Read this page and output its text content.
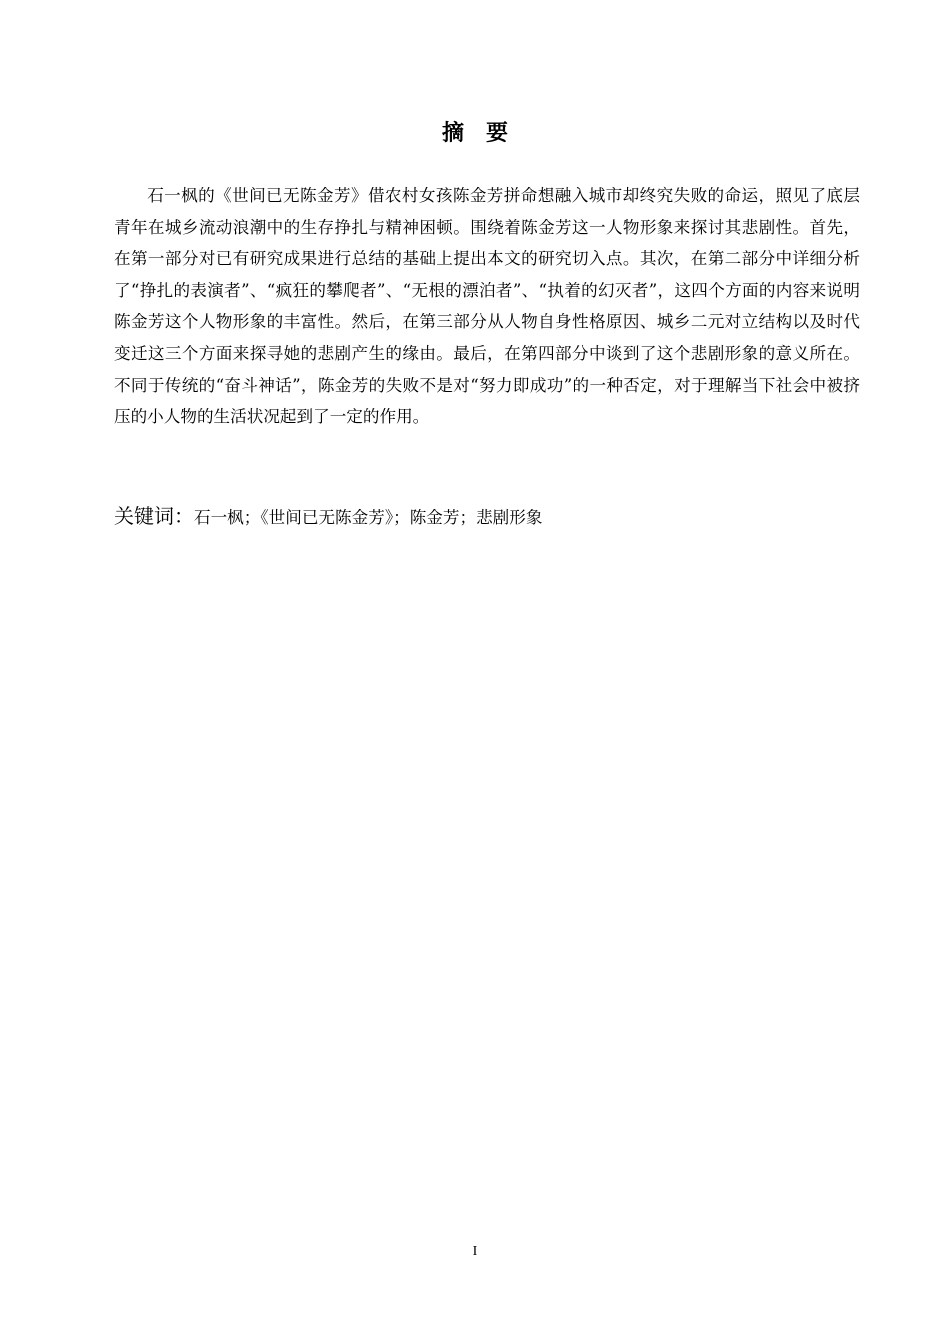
摘要

石一枫的《世间已无陈金芳》借农村女孩陈金芳拼命想融入城市却终究失败的命运，照见了底层青年在城乡流动浪潮中的生存挣扎与精神困顿。围绕着陈金芳这一人物形象来探讨其悲剧性。首先，在第一部分对已有研究成果进行总结的基础上提出本文的研究切入点。其次，在第二部分中详细分析了“挣扎的表演者”、“疯狂的攀爬者”、“无根的漂泊者”、“执着的幻灭者”，这四个方面的内容来说明陈金芳这个人物形象的丰富性。然后，在第三部分从人物自身性格原因、城乡二元对立结构以及时代变迁这三个方面来探寻她的悲剧产生的缘由。最后，在第四部分中谈到了这个悲剧形象的意义所在。不同于传统的“奋斗神话”，陈金芳的失败不是对“努力即成功”的一种否定，对于理解当下社会中被挤压的小人物的生活状况起到了一定的作用。

关键词：石一枫；《世间已无陈金芳》；陈金芳；悲剧形象
I
